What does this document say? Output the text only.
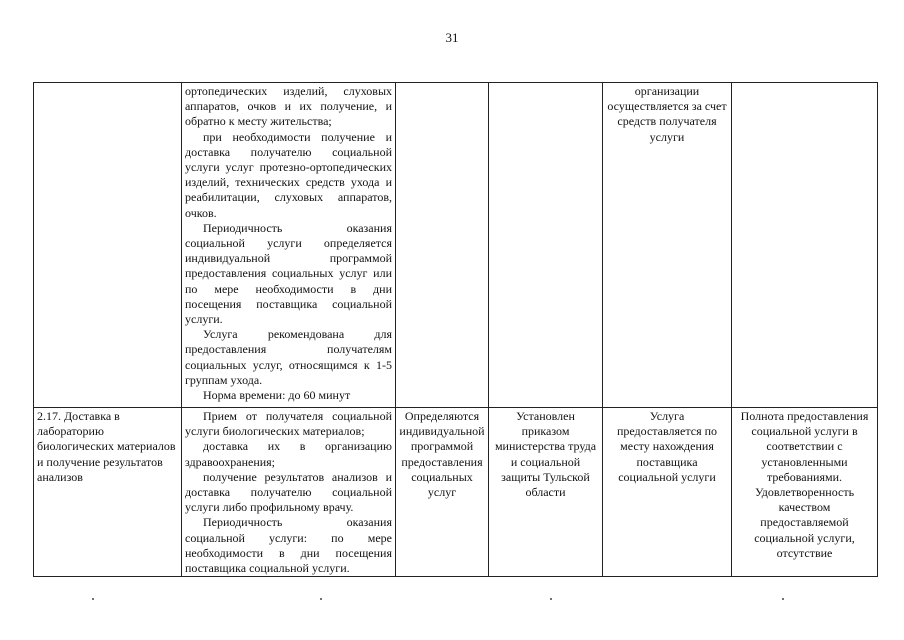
31

	ортопедических изделий, слуховых аппаратов, очков и их получение, и обратно к месту жительства;

при необходимости получение и доставка получателю социальной услуги услуг протезно-ортопедических изделий, технических средств ухода и реабилитации, слуховых аппаратов, очков.

Периодичность оказания социальной услуги определяется индивидуальной программой предоставления социальных услуг или по мере необходимости в дни посещения поставщика социальной услуги.

Услуга рекомендована для предоставления получателям социальных услуг, относящимся к 1-5 группам ухода.

Норма времени: до 60 минут			организации осуществляется за счет средств получателя услуги	

2.17. Доставка в лабораторию биологических материалов и получение результатов анализов	Прием от получателя социальной услуги биологических материалов;

доставка их в организацию здравоохранения;

получение результатов анализов и доставка получателю социальной услуги либо профильному врачу.

Периодичность оказания социальной услуги: по мере необходимости в дни посещения поставщика социальной услуги.	Определяются индивидуальной программой предоставления социальных услуг	Установлен приказом министерства труда и социальной защиты Тульской области	Услуга предоставляется по месту нахождения поставщика социальной услуги	Полнота предоставления социальной услуги в соответствии с установленными требованиями. Удовлетворенность качеством предоставляемой социальной услуги, отсутствие
